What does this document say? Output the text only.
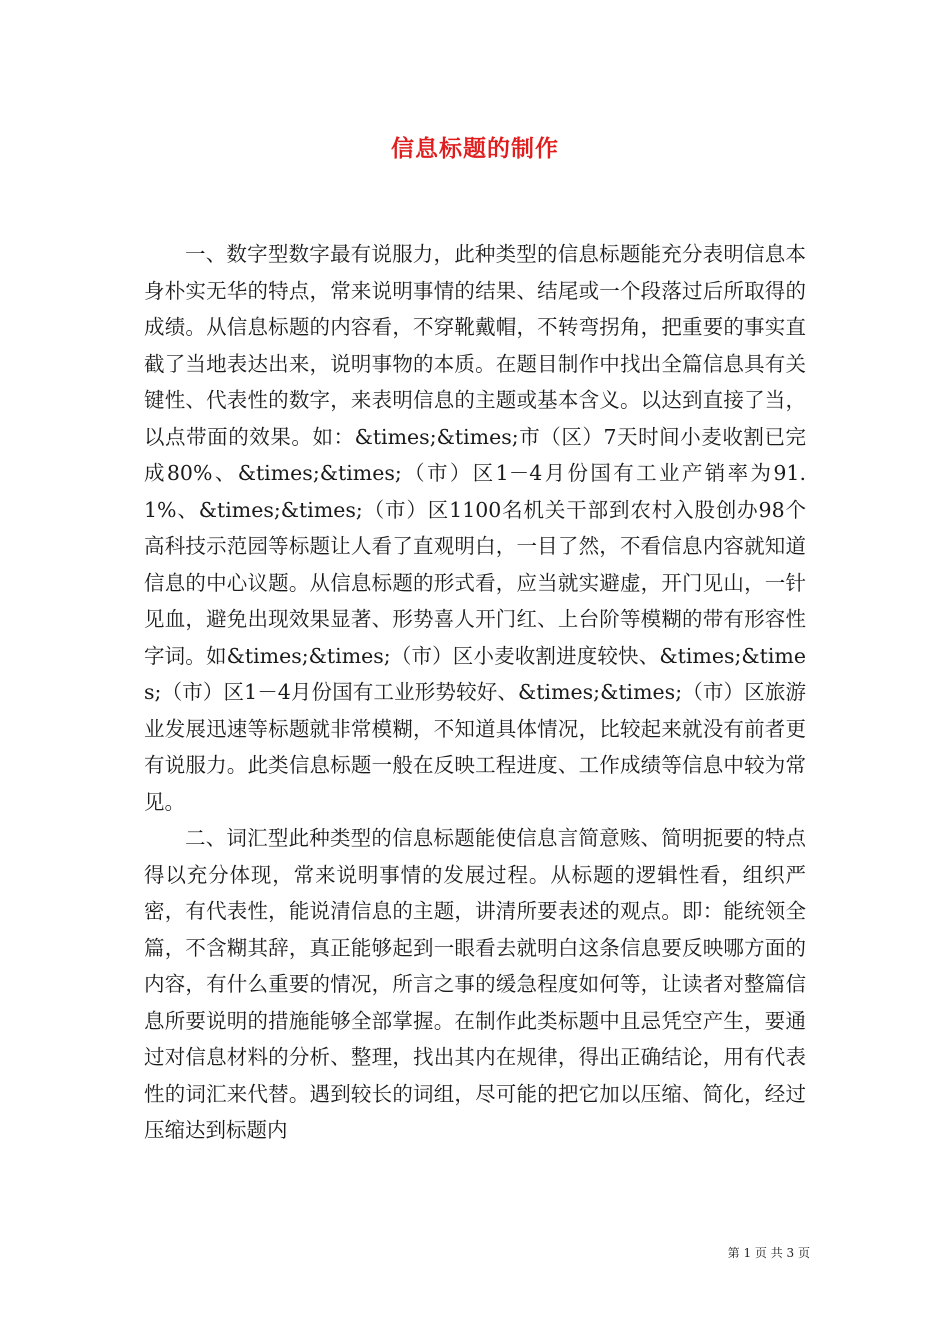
信息标题的制作

一、数字型数字最有说服力，此种类型的信息标题能充分表明信息本身朴实无华的特点，常来说明事情的结果、结尾或一个段落过后所取得的成绩。从信息标题的内容看，不穿靴戴帽，不转弯拐角，把重要的事实直截了当地表达出来，说明事物的本质。在题目制作中找出全篇信息具有关键性、代表性的数字，来表明信息的主题或基本含义。以达到直接了当，以点带面的效果。如：&times;&times;市（区）7天时间小麦收割已完成80%、&times;&times;（市）区1－4月份国有工业产销率为91.1%、&times;&times;（市）区1100名机关干部到农村入股创办98个高科技示范园等标题让人看了直观明白，一目了然，不看信息内容就知道信息的中心议题。从信息标题的形式看，应当就实避虚，开门见山，一针见血，避免出现效果显著、形势喜人开门红、上台阶等模糊的带有形容性字词。如&times;&times;（市）区小麦收割进度较快、&times;&times;（市）区1－4月份国有工业形势较好、&times;&times;（市）区旅游业发展迅速等标题就非常模糊，不知道具体情况，比较起来就没有前者更有说服力。此类信息标题一般在反映工程进度、工作成绩等信息中较为常见。

二、词汇型此种类型的信息标题能使信息言简意赅、简明扼要的特点得以充分体现，常来说明事情的发展过程。从标题的逻辑性看，组织严密，有代表性，能说清信息的主题，讲清所要表述的观点。即：能统领全篇，不含糊其辞，真正能够起到一眼看去就明白这条信息要反映哪方面的内容，有什么重要的情况，所言之事的缓急程度如何等，让读者对整篇信息所要说明的措施能够全部掌握。在制作此类标题中且忌凭空产生，要通过对信息材料的分析、整理，找出其内在规律，得出正确结论，用有代表性的词汇来代替。遇到较长的词组，尽可能的把它加以压缩、简化，经过压缩达到标题内

第 1 页 共 3 页
